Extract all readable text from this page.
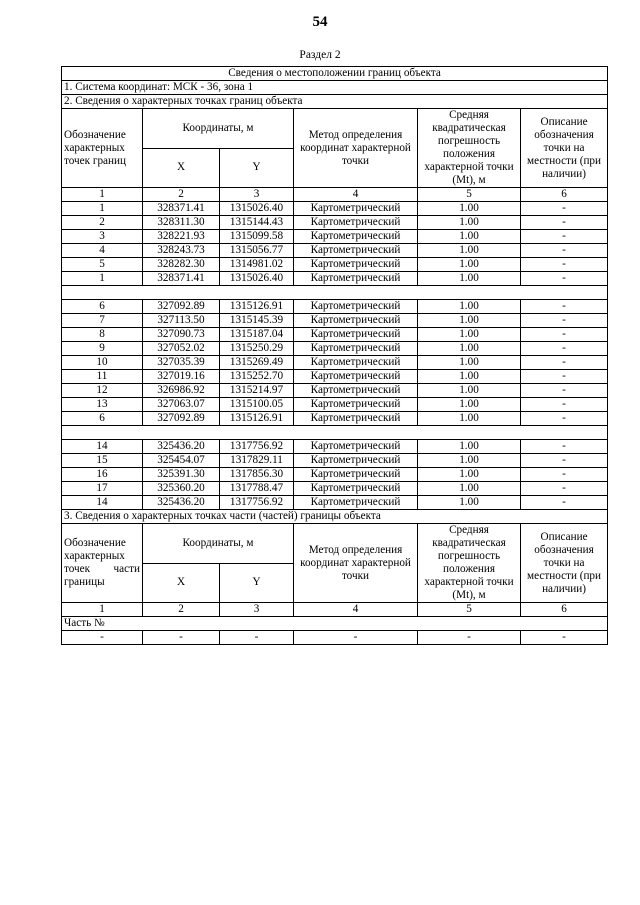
54
Раздел 2
Сведения о местоположении границ объекта					
1. Система координат: МСК - 36, зона 1					
2. Сведения о характерных точках границ объекта					
Обозначение характерных точек границ	Координаты, м		Метод определения координат характерной точки	Средняя квадратическая погрешность положения характерной точки (Mt), м	Описание обозначения точки на местности (при наличии)
	X	Y			
1	2	3	4	5	6
1	328371.41	1315026.40	Картометрический	1.00	-
2	328311.30	1315144.43	Картометрический	1.00	-
3	328221.93	1315099.58	Картометрический	1.00	-
4	328243.73	1315056.77	Картометрический	1.00	-
5	328282.30	1314981.02	Картометрический	1.00	-
1	328371.41	1315026.40	Картометрический	1.00	-

6	327092.89	1315126.91	Картометрический	1.00	-
7	327113.50	1315145.39	Картометрический	1.00	-
8	327090.73	1315187.04	Картометрический	1.00	-
9	327052.02	1315250.29	Картометрический	1.00	-
10	327035.39	1315269.49	Картометрический	1.00	-
11	327019.16	1315252.70	Картометрический	1.00	-
12	326986.92	1315214.97	Картометрический	1.00	-
13	327063.07	1315100.05	Картометрический	1.00	-
6	327092.89	1315126.91	Картометрический	1.00	-

14	325436.20	1317756.92	Картометрический	1.00	-
15	325454.07	1317829.11	Картометрический	1.00	-
16	325391.30	1317856.30	Картометрический	1.00	-
17	325360.20	1317788.47	Картометрический	1.00	-
14	325436.20	1317756.92	Картометрический	1.00	-
3. Сведения о характерных точках части (частей) границы объекта					
Обозначение характерных точек части границы	Координаты, м		Метод определения координат характерной точки	Средняя квадратическая погрешность положения характерной точки (Mt), м	Описание обозначения точки на местности (при наличии)
	X	Y			
1	2	3	4	5	6
Часть №					
-	-	-	-	-	-
